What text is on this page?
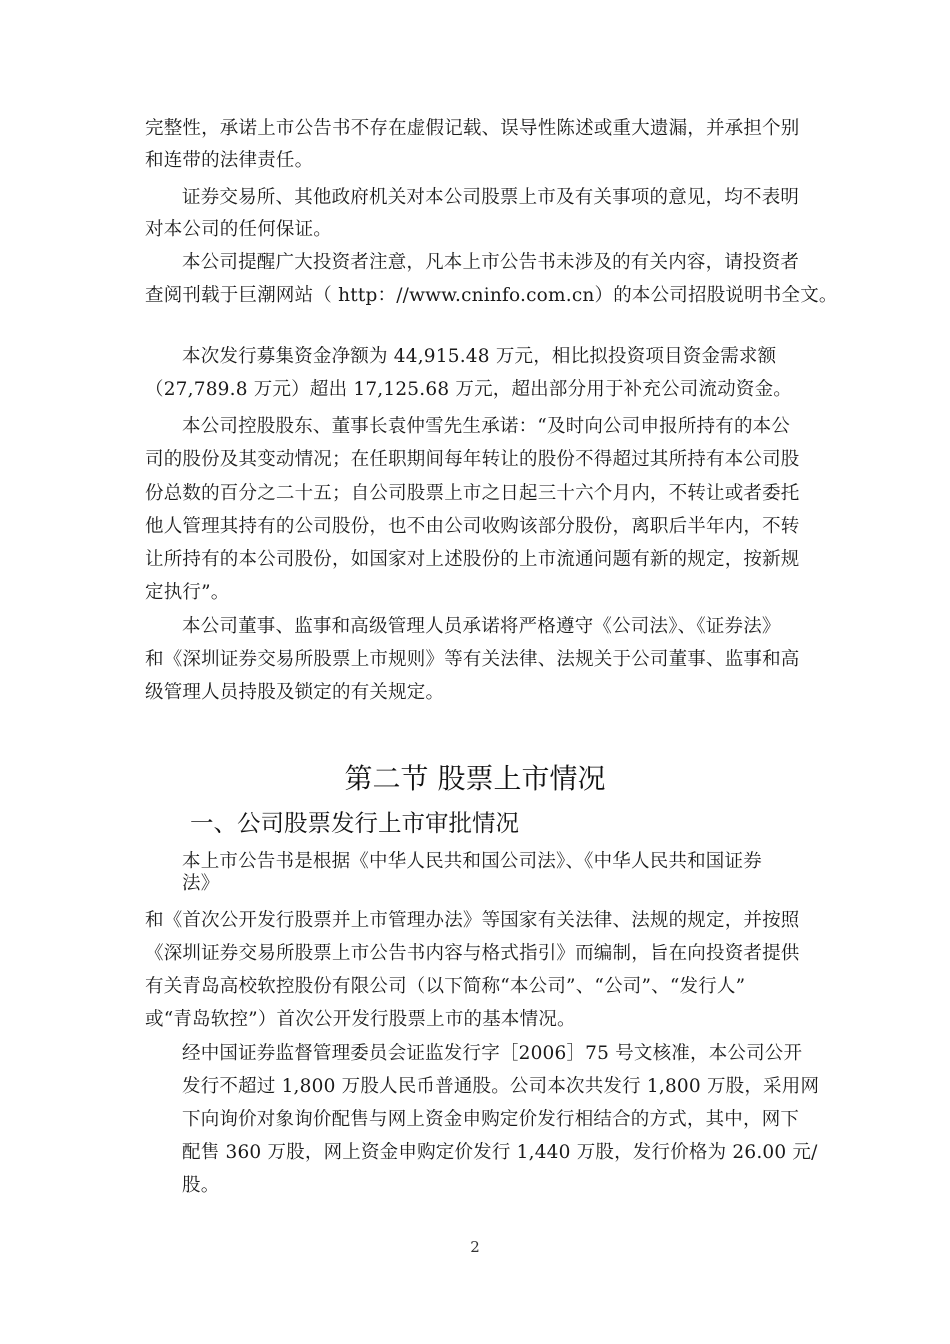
完整性，承诺上市公告书不存在虚假记载、误导性陈述或重大遗漏，并承担个别
和连带的法律责任。
证券交易所、其他政府机关对本公司股票上市及有关事项的意见，均不表明
对本公司的任何保证。
本公司提醒广大投资者注意，凡本上市公告书未涉及的有关内容，请投资者
查阅刊载于巨潮网站（ http：//www.cninfo.com.cn）的本公司招股说明书全文。
本次发行募集资金净额为 44,915.48 万元，相比拟投资项目资金需求额
（27,789.8 万元）超出 17,125.68 万元，超出部分用于补充公司流动资金。
本公司控股股东、董事长袁仲雪先生承诺：“及时向公司申报所持有的本公
司的股份及其变动情况；在任职期间每年转让的股份不得超过其所持有本公司股
份总数的百分之二十五；自公司股票上市之日起三十六个月内，不转让或者委托
他人管理其持有的公司股份，也不由公司收购该部分股份，离职后半年内，不转
让所持有的本公司股份，如国家对上述股份的上市流通问题有新的规定，按新规
定执行”。
本公司董事、监事和高级管理人员承诺将严格遵守《公司法》、《证券法》
和《深圳证券交易所股票上市规则》等有关法律、法规关于公司董事、监事和高
级管理人员持股及锁定的有关规定。
第二节 股票上市情况
一、公司股票发行上市审批情况
本上市公告书是根据《中华人民共和国公司法》、《中华人民共和国证券
法》
和《首次公开发行股票并上市管理办法》等国家有关法律、法规的规定，并按照
《深圳证券交易所股票上市公告书内容与格式指引》而编制，旨在向投资者提供
有关青岛高校软控股份有限公司（以下简称“本公司”、“公司”、“发行人”
或“青岛软控”）首次公开发行股票上市的基本情况。
经中国证券监督管理委员会证监发行字［2006］75 号文核准，本公司公开
发行不超过 1,800 万股人民币普通股。公司本次共发行 1,800 万股，采用网
下向询价对象询价配售与网上资金申购定价发行相结合的方式，其中，网下
配售 360 万股，网上资金申购定价发行 1,440 万股，发行价格为 26.00 元/
股。
2
